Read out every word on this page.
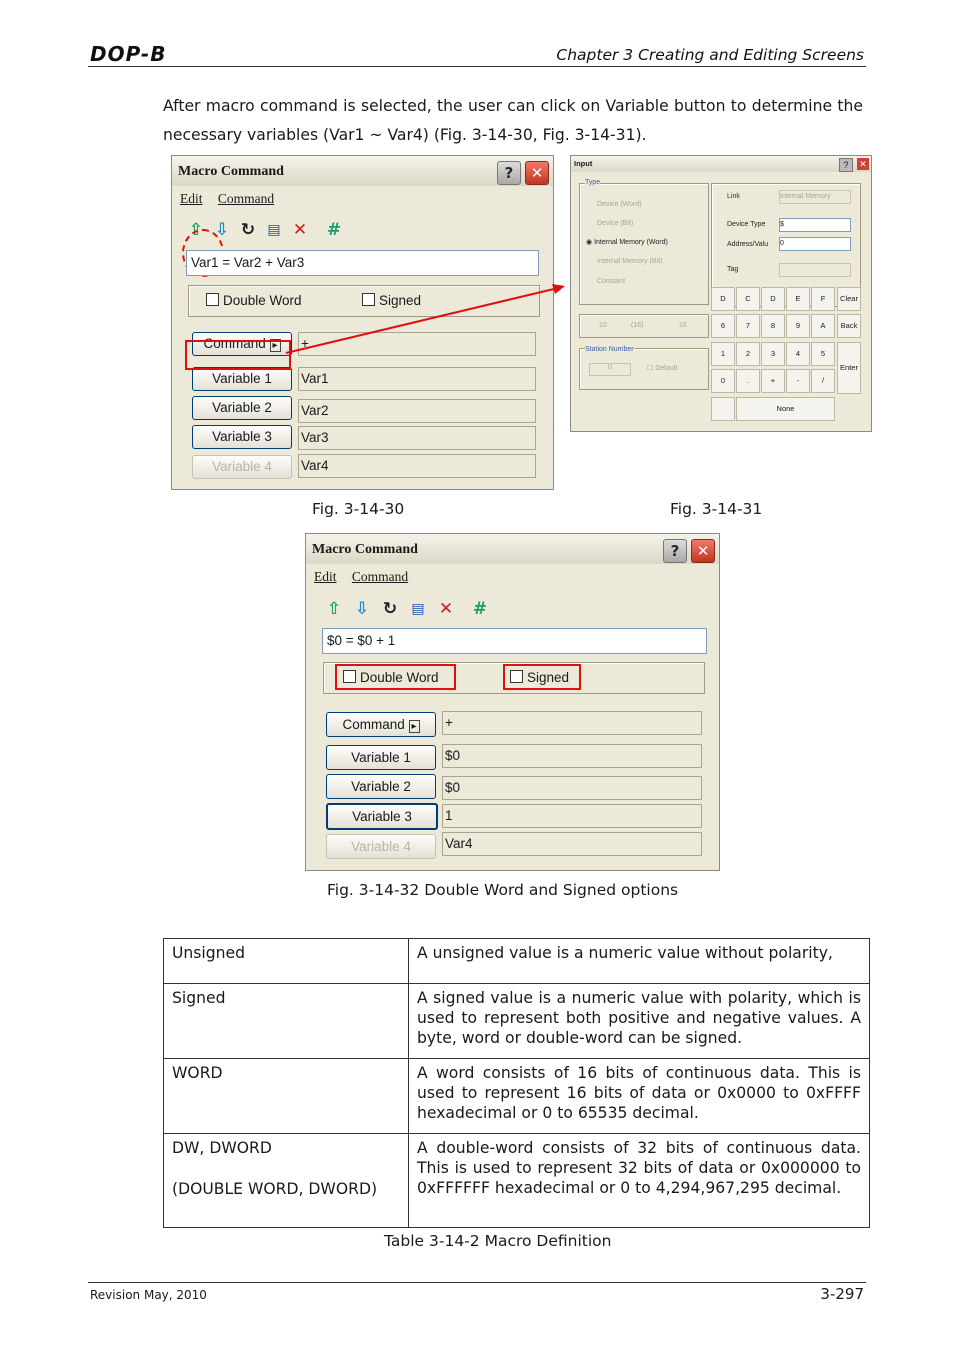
DOP-B	Chapter 3 Creating and Editing Screens
After macro command is selected, the user can click on Variable button to determine the necessary variables (Var1 ~ Var4) (Fig. 3-14-30, Fig. 3-14-31).
Macro Command	?	✕
Edit Command
⇧ ⇩ ↻ ▤ ✕ #
Var1 = Var2 + Var3
Double Word	Signed
Command ▸	+
Variable 1	Var1
Variable 2	Var2
Variable 3	Var3
Variable 4	Var4
Input	?	✕
Type
Device (Word)
Device (Bit)
◉ Internal Memory (Word)
Internal Memory (Bit)
Constant
Link	Internal Memory
Device Type $
Address/Valu 0
Tag
10	(16)	16
Station Number
0	☐ Default
D	C	D	E	F	Clear
6	7	8	9	A	Back
1	2	3	4	5
Enter
0	.	+	-	/
None
Fig. 3-14-30	Fig. 3-14-31
Macro Command	?	✕
Edit Command
⇧ ⇩ ↻ ▤ ✕ #
$0 = $0 + 1
Double Word	Signed
Command ▸	+
Variable 1	$0
Variable 2	$0
Variable 3	1
Variable 4	Var4
Fig. 3-14-32 Double Word and Signed options
Unsigned	A unsigned value is a numeric value without polarity,
Signed	A signed value is a numeric value with polarity, which is used to represent both positive and negative values. A byte, word or double-word can be signed.
WORD	A word consists of 16 bits of continuous data. This is used to represent 16 bits of data or 0x0000 to 0xFFFF hexadecimal or 0 to 65535 decimal.
DW, DWORD
(DOUBLE WORD, DWORD)	A double-word consists of 32 bits of continuous data. This is used to represent 32 bits of data or 0x000000 to 0xFFFFFF hexadecimal or 0 to 4,294,967,295 decimal.
Table 3-14-2 Macro Definition
Revision May, 2010	3-297
